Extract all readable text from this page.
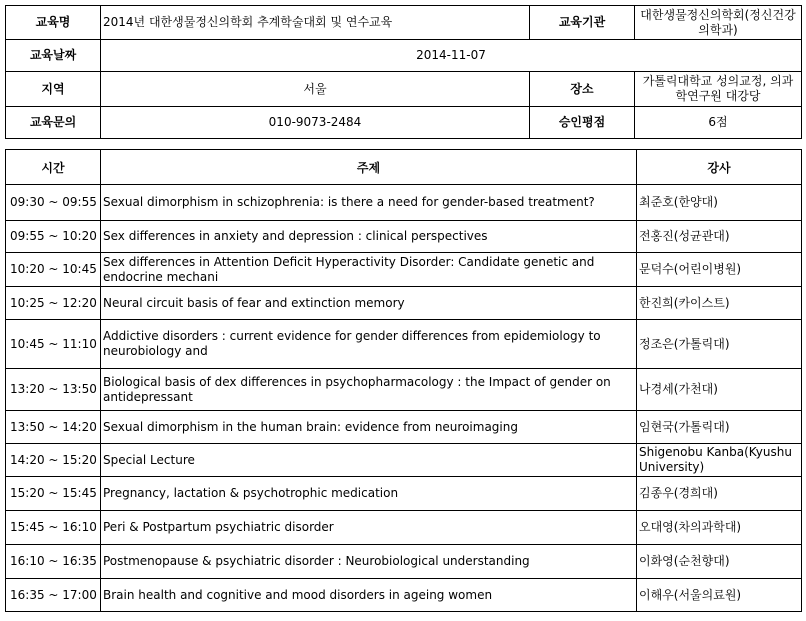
교육명	2014년 대한생물정신의학회 추계학술대회 및 연수교육	교육기관	대한생물정신의학회(정신건강의학과)
교육날짜	2014-11-07		
지역	서울	장소	가톨릭대학교 성의교정, 의과학연구원 대강당
교육문의	010-9073-2484	승인평점	6점
시간	주제	강사

09:30 ~ 09:55	Sexual dimorphism in schizophrenia: is there a need for gender-based treatment?	최준호(한양대)

09:55 ~ 10:20	Sex differences in anxiety and depression : clinical perspectives	전홍진(성균관대)

10:20 ~ 10:45	Sex differences in Attention Deficit Hyperactivity Disorder: Candidate genetic and endocrine mechani	문덕수(어린이병원)

10:25 ~ 12:20	Neural circuit basis of fear and extinction memory	한진희(카이스트)

10:45 ~ 11:10	Addictive disorders : current evidence for gender differences from epidemiology to neurobiology and	정조은(가톨릭대)

13:20 ~ 13:50	Biological basis of dex differences in psychopharmacology : the Impact of gender on antidepressant	나경세(가천대)

13:50 ~ 14:20	Sexual dimorphism in the human brain: evidence from neuroimaging	임현국(가톨릭대)

14:20 ~ 15:20	Special Lecture	Shigenobu Kanba(Kyushu University)

15:20 ~ 15:45	Pregnancy, lactation & psychotrophic medication	김종우(경희대)

15:45 ~ 16:10	Peri & Postpartum psychiatric disorder	오대영(차의과학대)

16:10 ~ 16:35	Postmenopause & psychiatric disorder : Neurobiological understanding	이화영(순천향대)

16:35 ~ 17:00	Brain health and cognitive and mood disorders in ageing women	이해우(서울의료원)
